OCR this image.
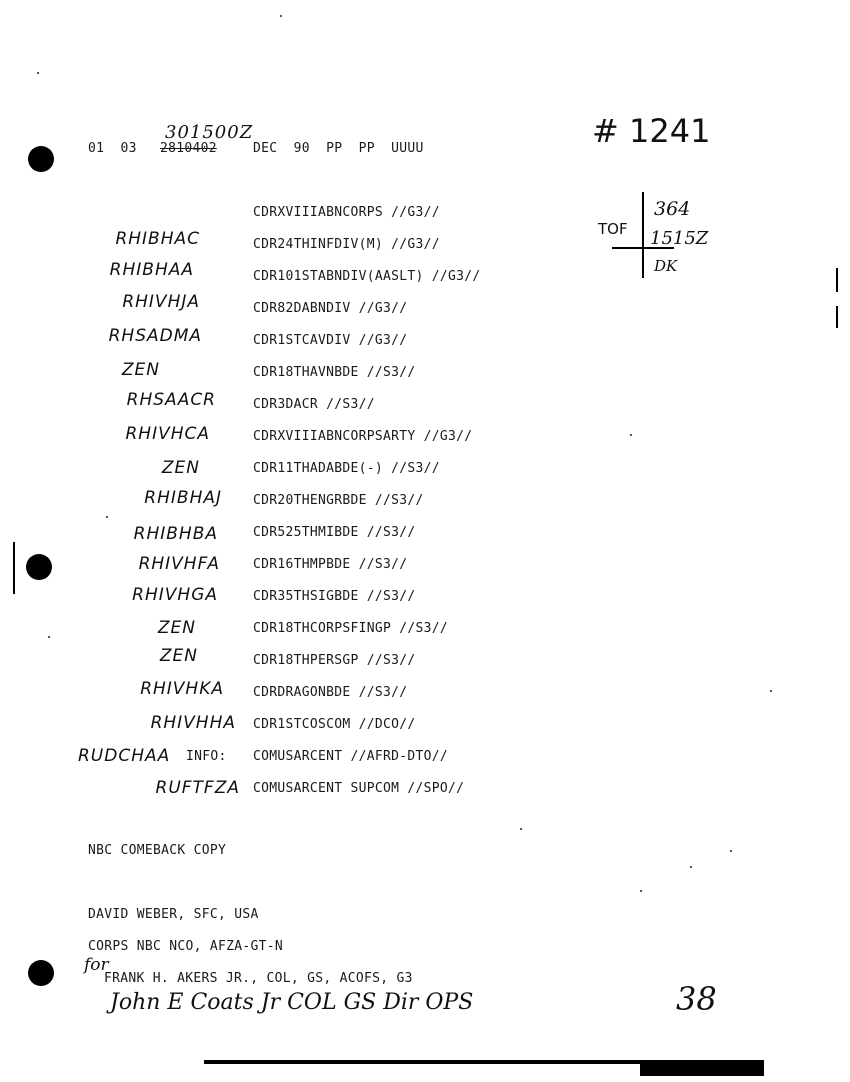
301500Z
01  03 2810402	DEC  90  PP  PP  UUUU	# 1241
TOF
364
1515Z
DK
CDRXVIIIABNCORPS //G3//
RHIBHAC	CDR24THINFDIV(M) //G3//
RHIBHAA	CDR101STABNDIV(AASLT) //G3//
RHIVHJA	CDR82DABNDIV //G3//
RHSADMA	CDR1STCAVDIV //G3//
ZEN	CDR18THAVNBDE //S3//
RHSAACR	CDR3DACR //S3//
RHIVHCA	CDRXVIIIABNCORPSARTY //G3//
ZEN	CDR11THADABDE(-) //S3//
RHIBHAJ CDR20THENGRBDE //S3//
RHIBHBA	CDR525THMIBDE //S3//
RHIVHFA	CDR16THMPBDE //S3//
RHIVHGA	CDR35THSIGBDE //S3//
ZEN	CDR18THCORPSFINGP //S3//
ZEN	CDR18THPERSGP //S3//
RHIVHKA CDRDRAGONBDE //S3//
RHIVHHA CDR1STCOSCOM //DCO//
RUDCHAA INFO: COMUSARCENT //AFRD-DTO//
RUFTFZA COMUSARCENT SUPCOM //SPO//
NBC COMEBACK COPY
DAVID WEBER, SFC, USA
CORPS NBC NCO, AFZA-GT-N
for
FRANK H. AKERS JR., COL, GS, ACOFS, G3
John E Coats Jr COL GS Dir OPS	38
